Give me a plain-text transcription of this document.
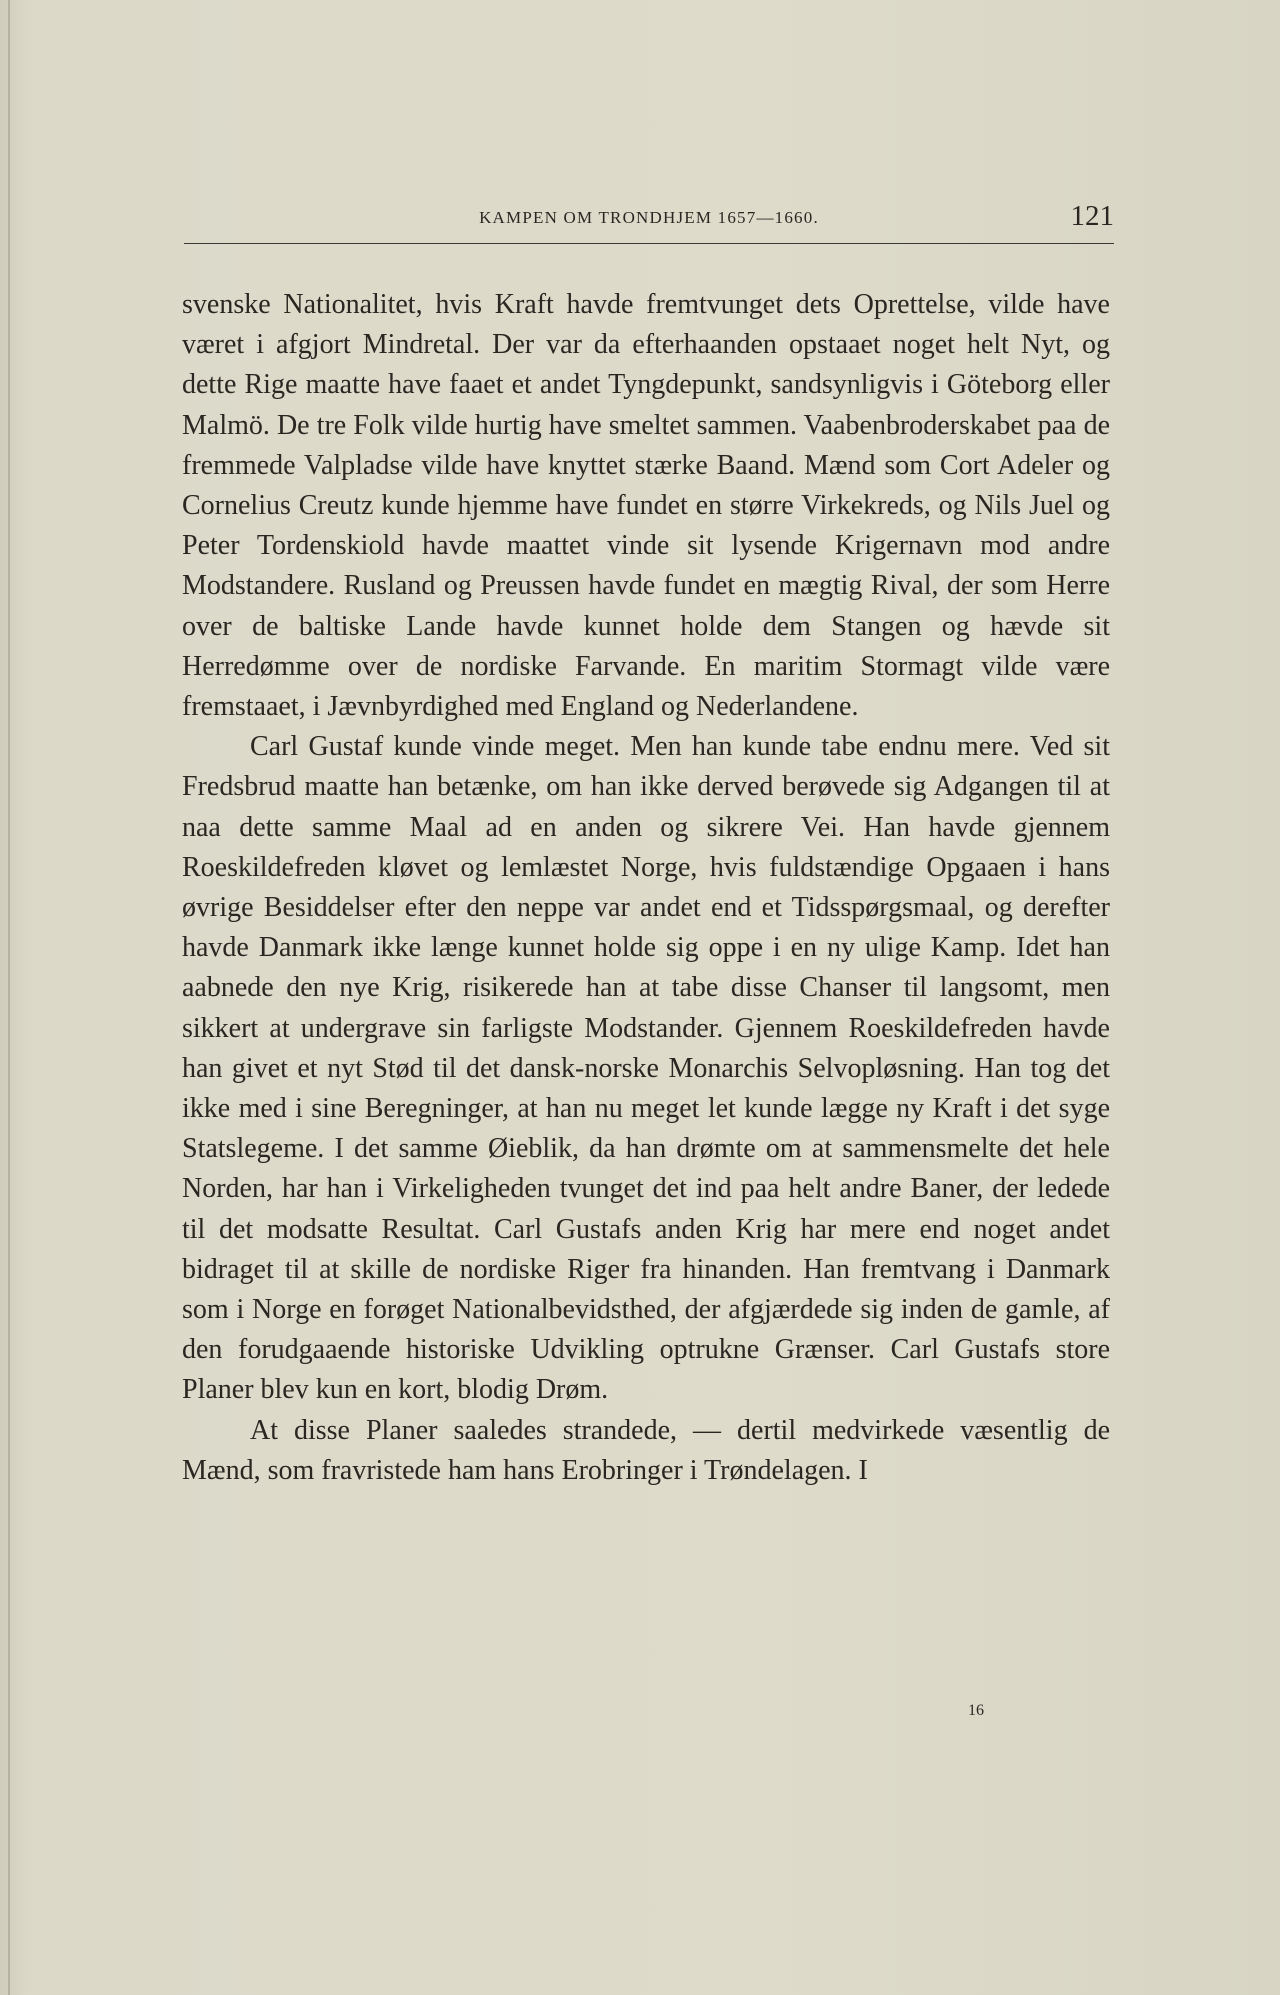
KAMPEN OM TRONDHJEM 1657—1660.	121

svenske Nationalitet, hvis Kraft havde fremtvunget dets Oprettelse, vilde have været i afgjort Mindretal. Der var da efterhaanden opstaaet noget helt Nyt, og dette Rige maatte have faaet et andet Tyngdepunkt, sandsynligvis i Göteborg eller Malmö. De tre Folk vilde hurtig have smeltet sammen. Vaabenbroderskabet paa de fremmede Valpladse vilde have knyttet stærke Baand. Mænd som Cort Adeler og Cornelius Creutz kunde hjemme have fundet en større Virkekreds, og Nils Juel og Peter Tordenskiold havde maattet vinde sit lysende Krigernavn mod andre Modstandere. Rusland og Preussen havde fundet en mægtig Rival, der som Herre over de baltiske Lande havde kunnet holde dem Stangen og hævde sit Herredømme over de nordiske Farvande. En maritim Stormagt vilde være fremstaaet, i Jævnbyrdighed med England og Nederlandene.

Carl Gustaf kunde vinde meget. Men han kunde tabe endnu mere. Ved sit Fredsbrud maatte han betænke, om han ikke derved berøvede sig Adgangen til at naa dette samme Maal ad en anden og sikrere Vei. Han havde gjennem Roeskildefreden kløvet og lemlæstet Norge, hvis fuldstændige Opgaaen i hans øvrige Besiddelser efter den neppe var andet end et Tidsspørgsmaal, og derefter havde Danmark ikke længe kunnet holde sig oppe i en ny ulige Kamp. Idet han aabnede den nye Krig, risikerede han at tabe disse Chanser til langsomt, men sikkert at undergrave sin farligste Modstander. Gjennem Roeskildefreden havde han givet et nyt Stød til det dansk-norske Monarchis Selvopløsning. Han tog det ikke med i sine Beregninger, at han nu meget let kunde lægge ny Kraft i det syge Statslegeme. I det samme Øieblik, da han drømte om at sammensmelte det hele Norden, har han i Virkeligheden tvunget det ind paa helt andre Baner, der ledede til det modsatte Resultat. Carl Gustafs anden Krig har mere end noget andet bidraget til at skille de nordiske Riger fra hinanden. Han fremtvang i Danmark som i Norge en forøget Nationalbevidsthed, der afgjærdede sig inden de gamle, af den forudgaaende historiske Udvikling optrukne Grænser. Carl Gustafs store Planer blev kun en kort, blodig Drøm.

At disse Planer saaledes strandede, — dertil medvirkede væsentlig de Mænd, som fravristede ham hans Erobringer i Trøndelagen. I

16
